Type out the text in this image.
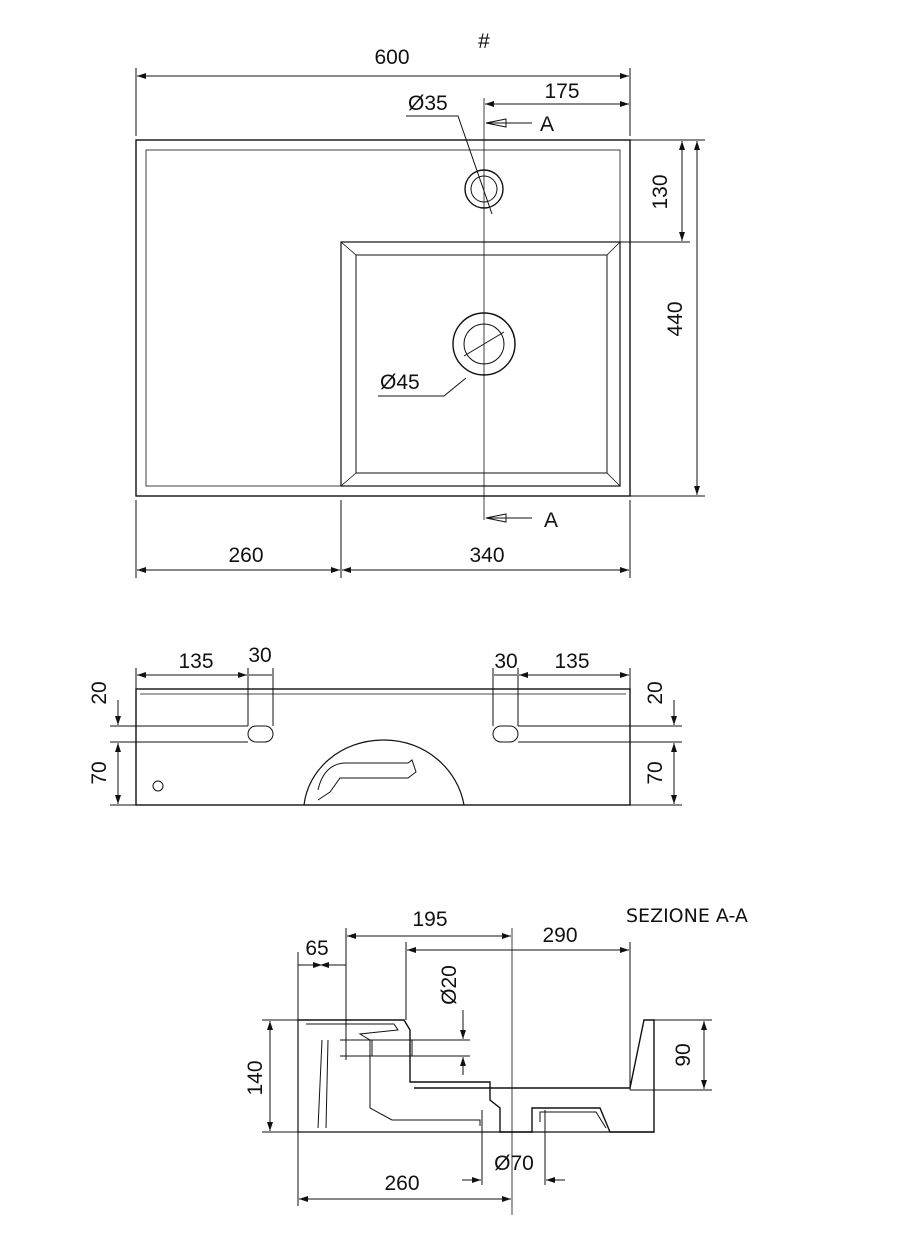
#
600
175
Ø35
A
Ø45
130
440
A
260	340
135 30	30 135
20
70
20
70
SEZIONE A-A
195
65
290
Ø20
140
90
Ø70
260
